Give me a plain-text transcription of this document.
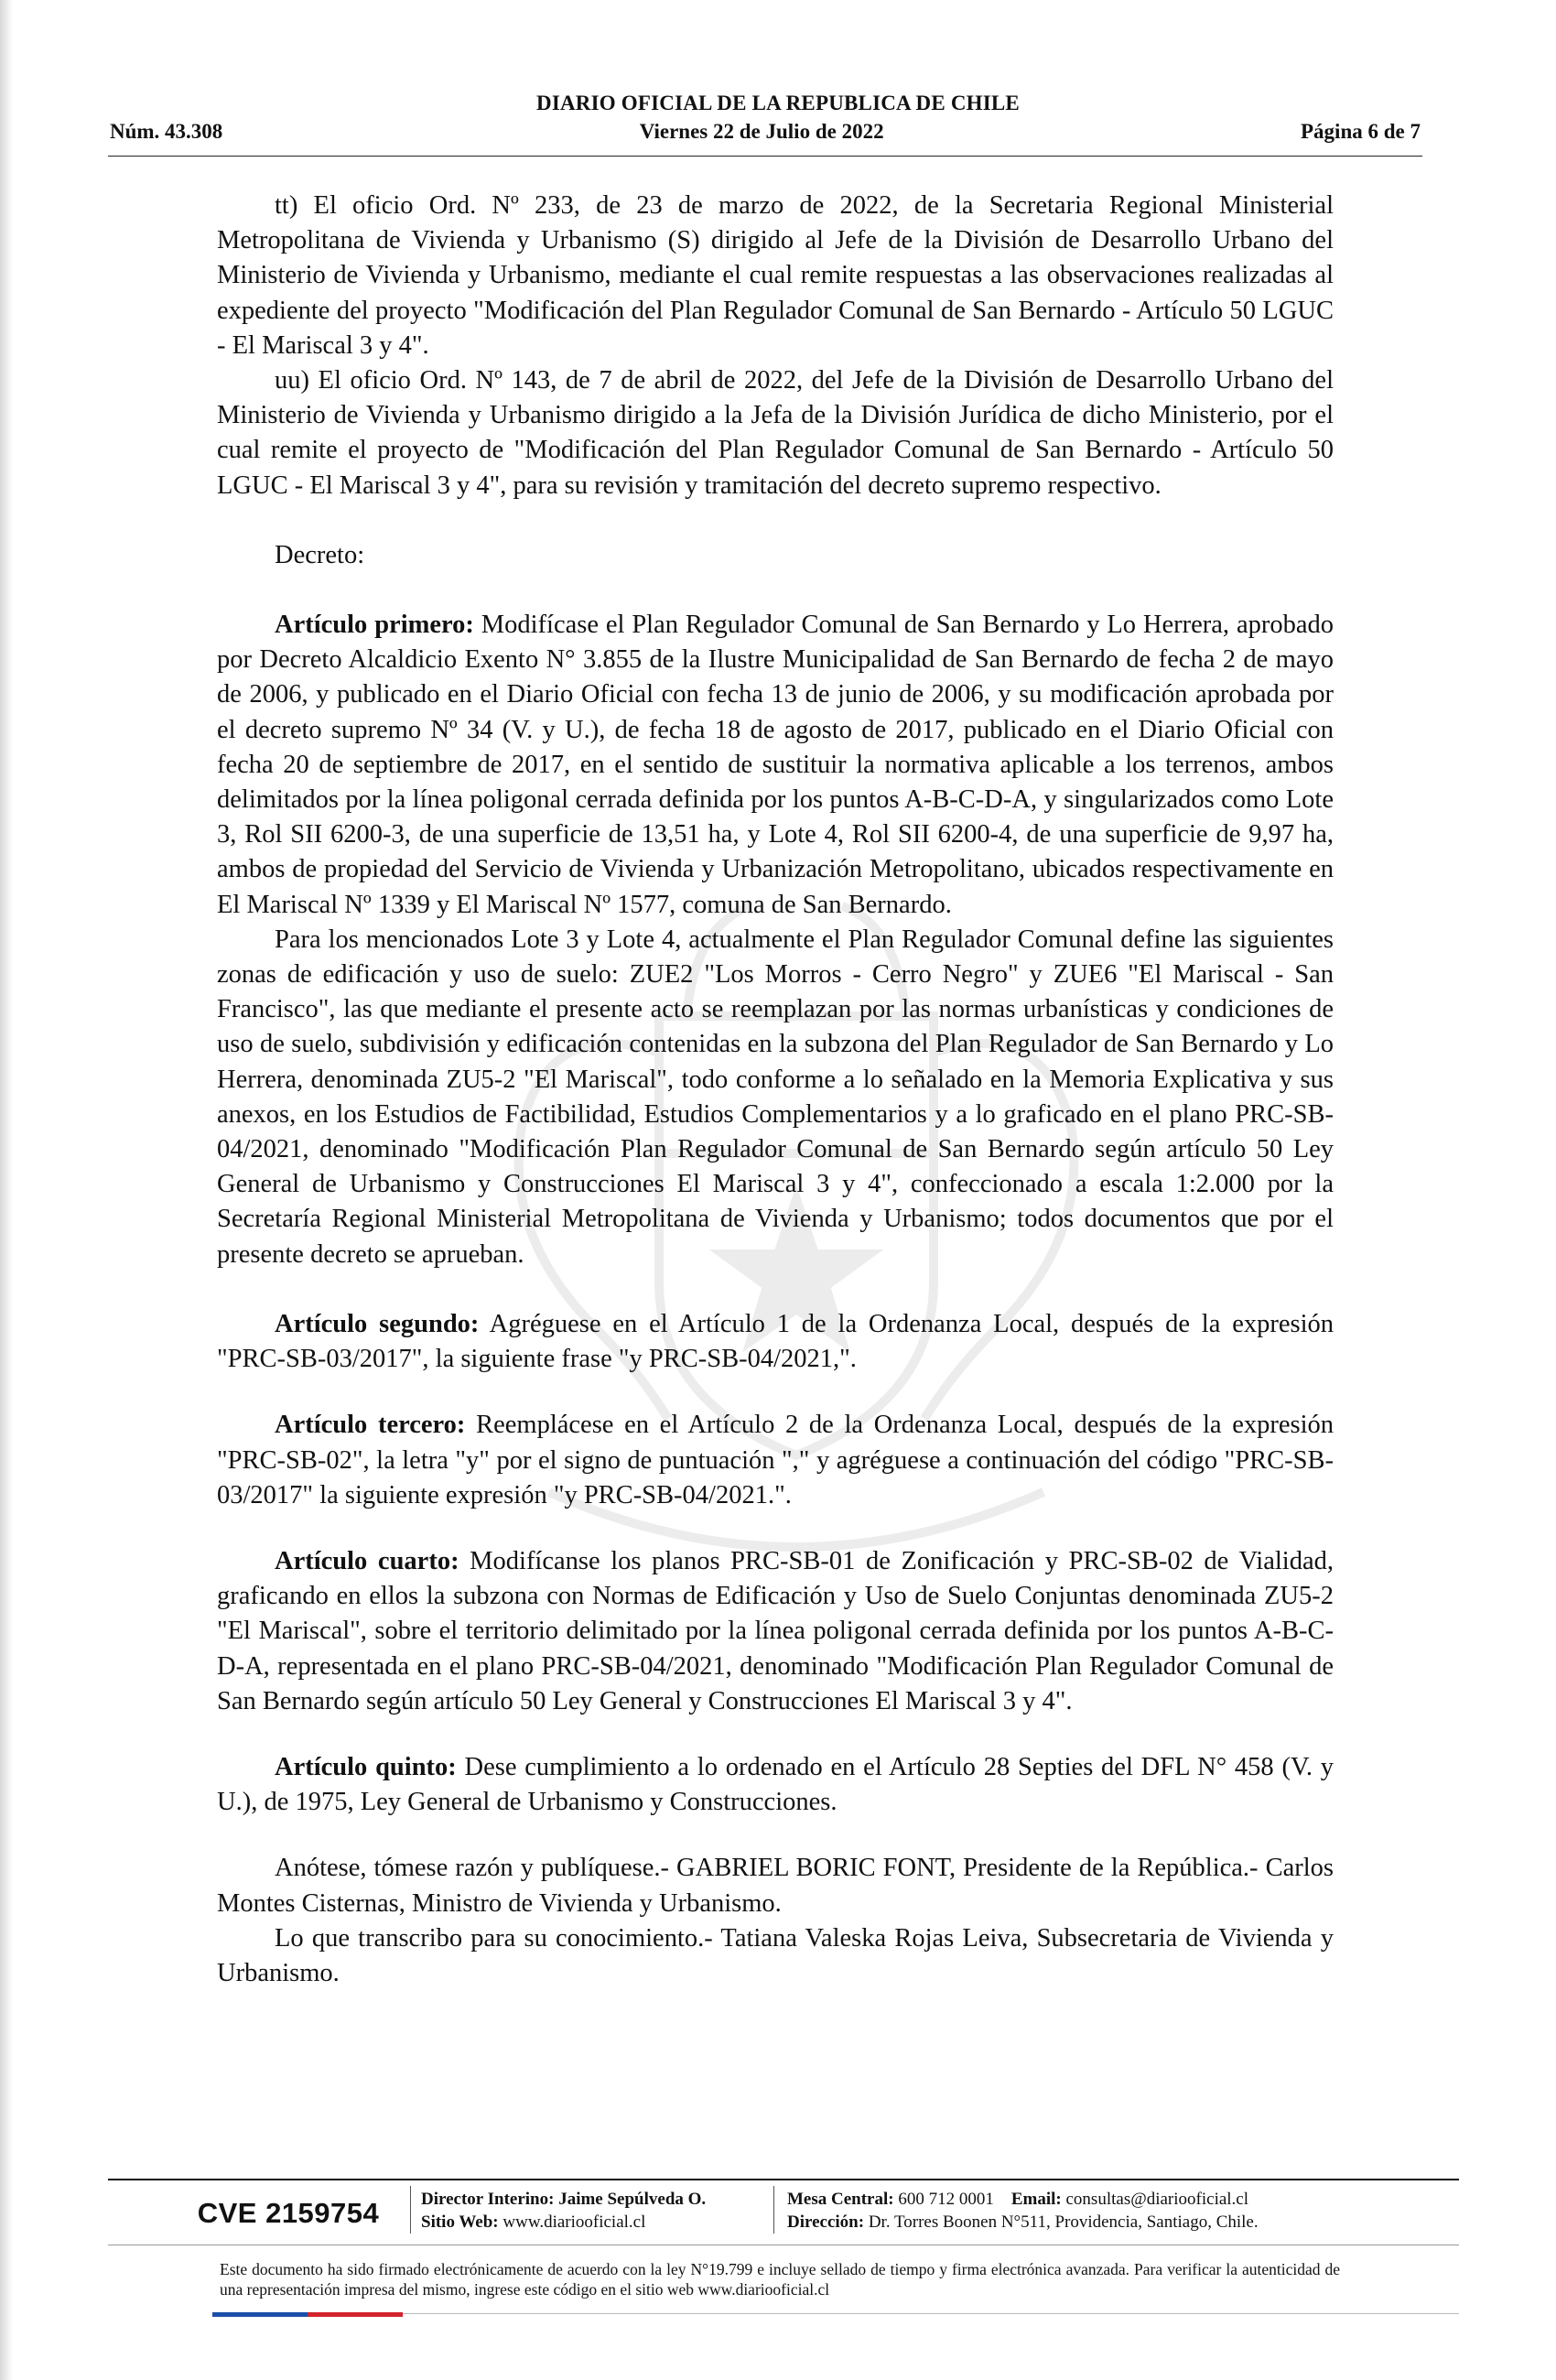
DIARIO OFICIAL DE LA REPUBLICA DE CHILE
Núm. 43.308	Viernes 22 de Julio de 2022	Página 6 de 7

tt) El oficio Ord. Nº 233, de 23 de marzo de 2022, de la Secretaria Regional Ministerial Metropolitana de Vivienda y Urbanismo (S) dirigido al Jefe de la División de Desarrollo Urbano del Ministerio de Vivienda y Urbanismo, mediante el cual remite respuestas a las observaciones realizadas al expediente del proyecto "Modificación del Plan Regulador Comunal de San Bernardo - Artículo 50 LGUC - El Mariscal 3 y 4".

uu) El oficio Ord. Nº 143, de 7 de abril de 2022, del Jefe de la División de Desarrollo Urbano del Ministerio de Vivienda y Urbanismo dirigido a la Jefa de la División Jurídica de dicho Ministerio, por el cual remite el proyecto de "Modificación del Plan Regulador Comunal de San Bernardo - Artículo 50 LGUC - El Mariscal 3 y 4", para su revisión y tramitación del decreto supremo respectivo.

Decreto:

Artículo primero: Modifícase el Plan Regulador Comunal de San Bernardo y Lo Herrera, aprobado por Decreto Alcaldicio Exento N° 3.855 de la Ilustre Municipalidad de San Bernardo de fecha 2 de mayo de 2006, y publicado en el Diario Oficial con fecha 13 de junio de 2006, y su modificación aprobada por el decreto supremo Nº 34 (V. y U.), de fecha 18 de agosto de 2017, publicado en el Diario Oficial con fecha 20 de septiembre de 2017, en el sentido de sustituir la normativa aplicable a los terrenos, ambos delimitados por la línea poligonal cerrada definida por los puntos A-B-C-D-A, y singularizados como Lote 3, Rol SII 6200-3, de una superficie de 13,51 ha, y Lote 4, Rol SII 6200-4, de una superficie de 9,97 ha, ambos de propiedad del Servicio de Vivienda y Urbanización Metropolitano, ubicados respectivamente en El Mariscal Nº 1339 y El Mariscal Nº 1577, comuna de San Bernardo.

Para los mencionados Lote 3 y Lote 4, actualmente el Plan Regulador Comunal define las siguientes zonas de edificación y uso de suelo: ZUE2 "Los Morros - Cerro Negro" y ZUE6 "El Mariscal - San Francisco", las que mediante el presente acto se reemplazan por las normas urbanísticas y condiciones de uso de suelo, subdivisión y edificación contenidas en la subzona del Plan Regulador de San Bernardo y Lo Herrera, denominada ZU5-2 "El Mariscal", todo conforme a lo señalado en la Memoria Explicativa y sus anexos, en los Estudios de Factibilidad, Estudios Complementarios y a lo graficado en el plano PRC-SB-04/2021, denominado "Modificación Plan Regulador Comunal de San Bernardo según artículo 50 Ley General de Urbanismo y Construcciones El Mariscal 3 y 4", confeccionado a escala 1:2.000 por la Secretaría Regional Ministerial Metropolitana de Vivienda y Urbanismo; todos documentos que por el presente decreto se aprueban.

Artículo segundo: Agréguese en el Artículo 1 de la Ordenanza Local, después de la expresión "PRC-SB-03/2017", la siguiente frase "y PRC-SB-04/2021,".

Artículo tercero: Reemplácese en el Artículo 2 de la Ordenanza Local, después de la expresión "PRC-SB-02", la letra "y" por el signo de puntuación "," y agréguese a continuación del código "PRC-SB-03/2017" la siguiente expresión "y PRC-SB-04/2021.".

Artículo cuarto: Modifícanse los planos PRC-SB-01 de Zonificación y PRC-SB-02 de Vialidad, graficando en ellos la subzona con Normas de Edificación y Uso de Suelo Conjuntas denominada ZU5-2 "El Mariscal", sobre el territorio delimitado por la línea poligonal cerrada definida por los puntos A-B-C-D-A, representada en el plano PRC-SB-04/2021, denominado "Modificación Plan Regulador Comunal de San Bernardo según artículo 50 Ley General y Construcciones El Mariscal 3 y 4".

Artículo quinto: Dese cumplimiento a lo ordenado en el Artículo 28 Septies del DFL N° 458 (V. y U.), de 1975, Ley General de Urbanismo y Construcciones.

Anótese, tómese razón y publíquese.- GABRIEL BORIC FONT, Presidente de la República.- Carlos Montes Cisternas, Ministro de Vivienda y Urbanismo.

Lo que transcribo para su conocimiento.- Tatiana Valeska Rojas Leiva, Subsecretaria de Vivienda y Urbanismo.

CVE 2159754	Director Interino: Jaime Sepúlveda O.
Sitio Web: www.diariooficial.cl
Mesa Central: 600 712 0001 Email: consultas@diariooficial.cl
Dirección: Dr. Torres Boonen N°511, Providencia, Santiago, Chile.
Este documento ha sido firmado electrónicamente de acuerdo con la ley N°19.799 e incluye sellado de tiempo y firma electrónica avanzada. Para verificar la autenticidad de una representación impresa del mismo, ingrese este código en el sitio web www.diariooficial.cl
